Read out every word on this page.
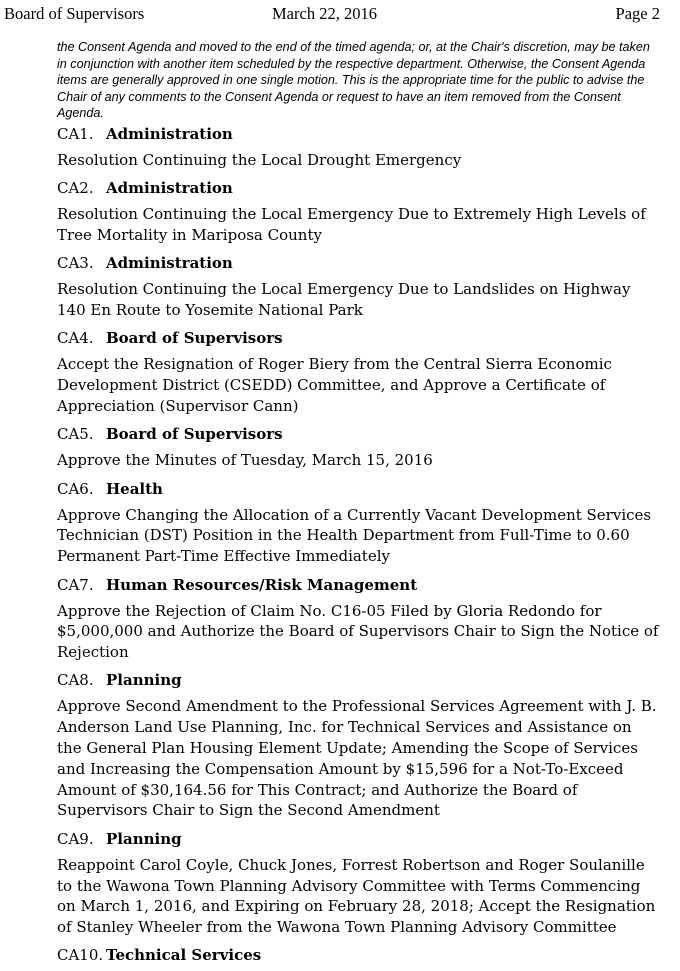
Board of Supervisors	March 22, 2016	Page 2
the Consent Agenda and moved to the end of the timed agenda; or, at the Chair's discretion, may be taken in conjunction with another item scheduled by the respective department. Otherwise, the Consent Agenda items are generally approved in one single motion. This is the appropriate time for the public to advise the Chair of any comments to the Consent Agenda or request to have an item removed from the Consent Agenda.
CA1. Administration
Resolution Continuing the Local Drought Emergency
CA2. Administration
Resolution Continuing the Local Emergency Due to Extremely High Levels of Tree Mortality in Mariposa County
CA3. Administration
Resolution Continuing the Local Emergency Due to Landslides on Highway 140 En Route to Yosemite National Park
CA4. Board of Supervisors
Accept the Resignation of Roger Biery from the Central Sierra Economic Development District (CSEDD) Committee, and Approve a Certificate of Appreciation (Supervisor Cann)
CA5. Board of Supervisors
Approve the Minutes of Tuesday, March 15, 2016
CA6. Health
Approve Changing the Allocation of a Currently Vacant Development Services Technician (DST) Position in the Health Department from Full-Time to 0.60 Permanent Part-Time Effective Immediately
CA7. Human Resources/Risk Management
Approve the Rejection of Claim No. C16-05 Filed by Gloria Redondo for $5,000,000 and Authorize the Board of Supervisors Chair to Sign the Notice of Rejection
CA8. Planning
Approve Second Amendment to the Professional Services Agreement with J. B. Anderson Land Use Planning, Inc. for Technical Services and Assistance on the General Plan Housing Element Update; Amending the Scope of Services and Increasing the Compensation Amount by $15,596 for a Not-To-Exceed Amount of $30,164.56 for This Contract; and Authorize the Board of Supervisors Chair to Sign the Second Amendment
CA9. Planning
Reappoint Carol Coyle, Chuck Jones, Forrest Robertson and Roger Soulanille to the Wawona Town Planning Advisory Committee with Terms Commencing on March 1, 2016, and Expiring on February 28, 2018; Accept the Resignation of Stanley Wheeler from the Wawona Town Planning Advisory Committee
CA10. Technical Services
